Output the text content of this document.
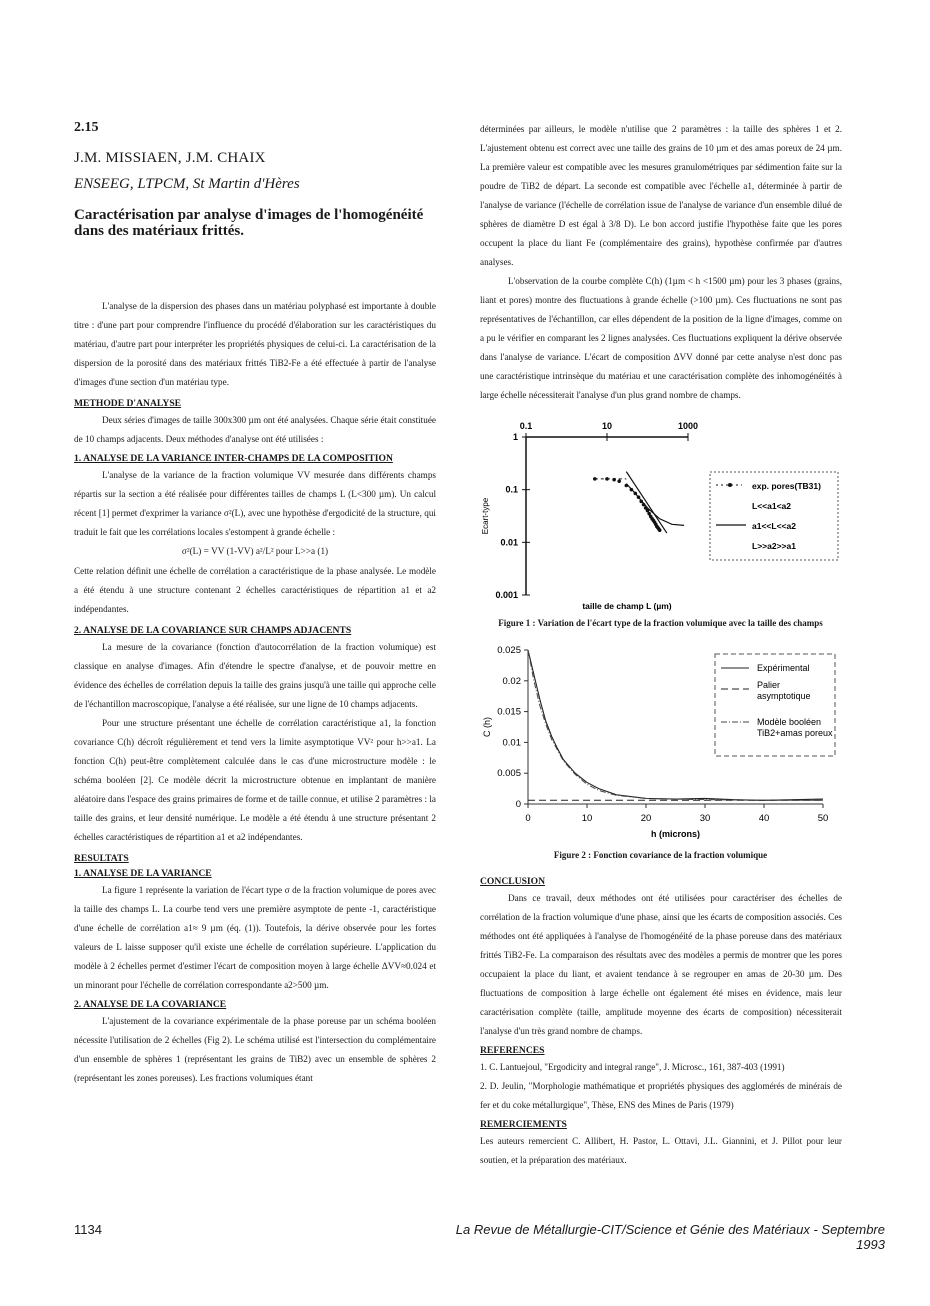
2.15
J.M. MISSIAEN, J.M. CHAIX
ENSEEG, LTPCM, St Martin d'Hères
Caractérisation par analyse d'images de l'homogénéité dans des matériaux frittés.

L'analyse de la dispersion des phases dans un matériau polyphasé est importante à double titre : d'une part pour comprendre l'influence du procédé d'élaboration sur les caractéristiques du matériau, d'autre part pour interpréter les propriétés physiques de celui-ci. La caractérisation de la dispersion de la porosité dans des matériaux frittés TiB2-Fe a été effectuée à partir de l'analyse d'images d'une section d'un matériau type.

METHODE D'ANALYSE

Deux séries d'images de taille 300x300 µm ont été analysées. Chaque série était constituée de 10 champs adjacents. Deux méthodes d'analyse ont été utilisées :

1. ANALYSE DE LA VARIANCE INTER-CHAMPS DE LA COMPOSITION

L'analyse de la variance de la fraction volumique VV mesurée dans différents champs répartis sur la section a été réalisée pour différentes tailles de champs L (L<300 µm). Un calcul récent [1] permet d'exprimer la variance σ²(L), avec une hypothèse d'ergodicité de la structure, qui traduit le fait que les corrélations locales s'estompent à grande échelle :

σ²(L) = VV (1-VV) a²/L² pour L>>a (1)

Cette relation définit une échelle de corrélation a caractéristique de la phase analysée. Le modèle a été étendu à une structure contenant 2 échelles caractéristiques de répartition a1 et a2 indépendantes.

2. ANALYSE DE LA COVARIANCE SUR CHAMPS ADJACENTS

La mesure de la covariance (fonction d'autocorrélation de la fraction volumique) est classique en analyse d'images. Afin d'étendre le spectre d'analyse, et de pouvoir mettre en évidence des échelles de corrélation depuis la taille des grains jusqu'à une taille qui approche celle de l'échantillon macroscopique, l'analyse a été réalisée, sur une ligne de 10 champs adjacents.

Pour une structure présentant une échelle de corrélation caractéristique a1, la fonction covariance C(h) décroît régulièrement et tend vers la limite asymptotique VV² pour h>>a1. La fonction C(h) peut-être complètement calculée dans le cas d'une microstructure modèle : le schéma booléen [2]. Ce modèle décrit la microstructure obtenue en implantant de manière aléatoire dans l'espace des grains primaires de forme et de taille connue, et utilise 2 paramètres : la taille des grains, et leur densité numérique. Le modèle a été étendu à une structure présentant 2 échelles caractéristiques de répartition a1 et a2 indépendantes.

RESULTATS
1. ANALYSE DE LA VARIANCE

La figure 1 représente la variation de l'écart type σ de la fraction volumique de pores avec la taille des champs L. La courbe tend vers une première asymptote de pente -1, caractéristique d'une échelle de corrélation a1≈ 9 µm (éq. (1)). Toutefois, la dérive observée pour les fortes valeurs de L laisse supposer qu'il existe une échelle de corrélation supérieure. L'application du modèle à 2 échelles permet d'estimer l'écart de composition moyen à large échelle ΔVV≈0.024 et un minorant pour l'échelle de corrélation correspondante a2>500 µm.

2. ANALYSE DE LA COVARIANCE

L'ajustement de la covariance expérimentale de la phase poreuse par un schéma booléen nécessite l'utilisation de 2 échelles (Fig 2). Le schéma utilisé est l'intersection du complémentaire d'un ensemble de sphères 1 (représentant les grains de TiB2) avec un ensemble de sphères 2 (représentant les zones poreuses). Les fractions volumiques étant

déterminées par ailleurs, le modèle n'utilise que 2 paramètres : la taille des sphères 1 et 2. L'ajustement obtenu est correct avec une taille des grains de 10 µm et des amas poreux de 24 µm. La première valeur est compatible avec les mesures granulométriques par sédimention faite sur la poudre de TiB2 de départ. La seconde est compatible avec l'échelle a1, déterminée à partir de l'analyse de variance (l'échelle de corrélation issue de l'analyse de variance d'un ensemble dilué de sphères de diamètre D est égal à 3/8 D). Le bon accord justifie l'hypothèse faite que les pores occupent la place du liant Fe (complémentaire des grains), hypothèse confirmée par d'autres analyses.

L'observation de la courbe complète C(h) (1µm < h <1500 µm) pour les 3 phases (grains, liant et pores) montre des fluctuations à grande échelle (>100 µm). Ces fluctuations ne sont pas représentatives de l'échantillon, car elles dépendent de la position de la ligne d'images, comme on a pu le vérifier en comparant les 2 lignes analysées. Ces fluctuations expliquent la dérive observée dans l'analyse de variance. L'écart de composition ΔVV donné par cette analyse n'est donc pas une caractéristique intrinsèque du matériau et une caractérisation complète des inhomogénéités à large échelle nécessiterait l'analyse d'un plus grand nombre de champs.

0.1	10	1000
1
0.1
0.01
0.001
Ecart-type
taille de champ L (µm)
exp. pores(TB31)
L<<a1<a2
a1<<L<<a2
L>>a2>>a1
Figure 1 : Variation de l'écart type de la fraction volumique avec la taille des champs
0
0.005
0.01
0.015
0.02
0.025
0	10	20	30	40	50
h (microns)
C (h)
Expérimental
Palier
asymptotique
Modèle booléen
TiB2+amas poreux
Figure 2 : Fonction covariance de la fraction volumique
CONCLUSION

Dans ce travail, deux méthodes ont été utilisées pour caractériser des échelles de corrélation de la fraction volumique d'une phase, ainsi que les écarts de composition associés. Ces méthodes ont été appliquées à l'analyse de l'homogénéité de la phase poreuse dans des matériaux frittés TiB2-Fe. La comparaison des résultats avec des modèles a permis de montrer que les pores occupaient la place du liant, et avaient tendance à se regrouper en amas de 20-30 µm. Des fluctuations de composition à large échelle ont également été mises en évidence, mais leur caractérisation complète (taille, amplitude moyenne des écarts de composition) nécessiterait l'analyse d'un très grand nombre de champs.

REFERENCES

1. C. Lantuejoul, "Ergodicity and integral range", J. Microsc., 161, 387-403 (1991)

2. D. Jeulin, "Morphologie mathématique et propriétés physiques des agglomérés de minérais de fer et du coke métallurgique", Thèse, ENS des Mines de Paris (1979)

REMERCIEMENTS

Les auteurs remercient C. Allibert, H. Pastor, L. Ottavi, J.L. Giannini, et J. Pillot pour leur soutien, et la préparation des matériaux.

1134	La Revue de Métallurgie-CIT/Science et Génie des Matériaux - Septembre 1993
